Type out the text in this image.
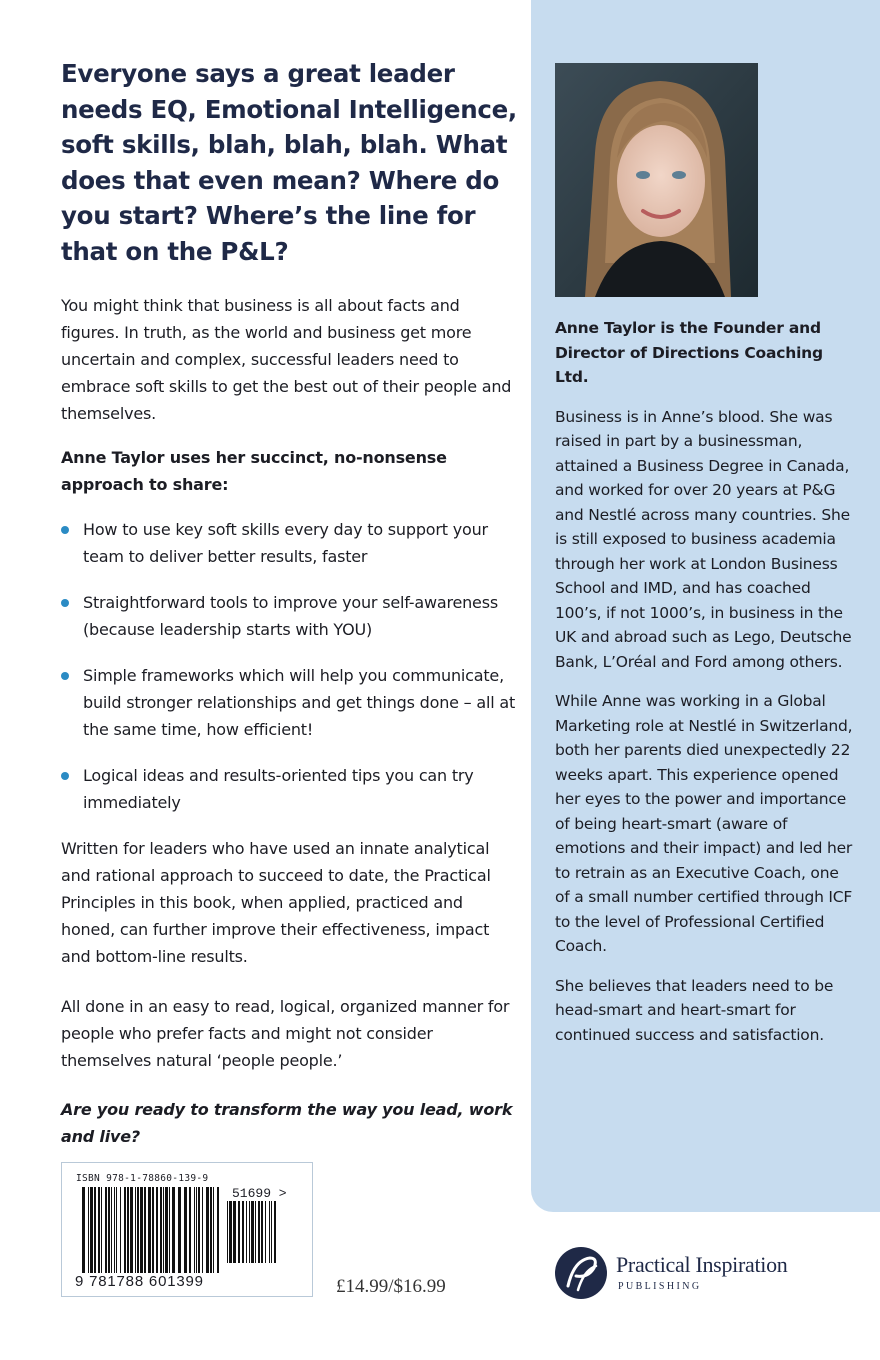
Everyone says a great leader needs EQ, Emotional Intelligence, soft skills, blah, blah, blah. What does that even mean? Where do you start? Where’s the line for that on the P&L?

You might think that business is all about facts and figures. In truth, as the world and business get more uncertain and complex, successful leaders need to embrace soft skills to get the best out of their people and themselves.

Anne Taylor uses her succinct, no-nonsense approach to share:

How to use key soft skills every day to support your team to deliver better results, faster
Straightforward tools to improve your self-awareness (because leadership starts with YOU)
Simple frameworks which will help you communicate, build stronger relationships and get things done – all at the same time, how efficient!
Logical ideas and results-oriented tips you can try immediately

Written for leaders who have used an innate analytical and rational approach to succeed to date, the Practical Principles in this book, when applied, practiced and honed, can further improve their effectiveness, impact and bottom-line results.

All done in an easy to read, logical, organized manner for people who prefer facts and might not consider themselves natural ‘people people.’

Are you ready to transform the way you lead, work and live?

Anne Taylor is the Founder and Director of Directions Coaching Ltd.

Business is in Anne’s blood. She was raised in part by a businessman, attained a Business Degree in Canada, and worked for over 20 years at P&G and Nestlé across many countries. She is still exposed to business academia through her work at London Business School and IMD, and has coached 100’s, if not 1000’s, in business in the UK and abroad such as Lego, Deutsche Bank, L’Oréal and Ford among others.

While Anne was working in a Global Marketing role at Nestlé in Switzerland, both her parents died unexpectedly 22 weeks apart. This experience opened her eyes to the power and importance of being heart-smart (aware of emotions and their impact) and led her to retrain as an Executive Coach, one of a small number certified through ICF to the level of Professional Certified Coach.

She believes that leaders need to be head-smart and heart-smart for continued success and satisfaction.

ISBN 978-1-78860-139-9
51699 >
9 781788 601399	£14.99/$16.99
Practical Inspiration
PUBLISHING
